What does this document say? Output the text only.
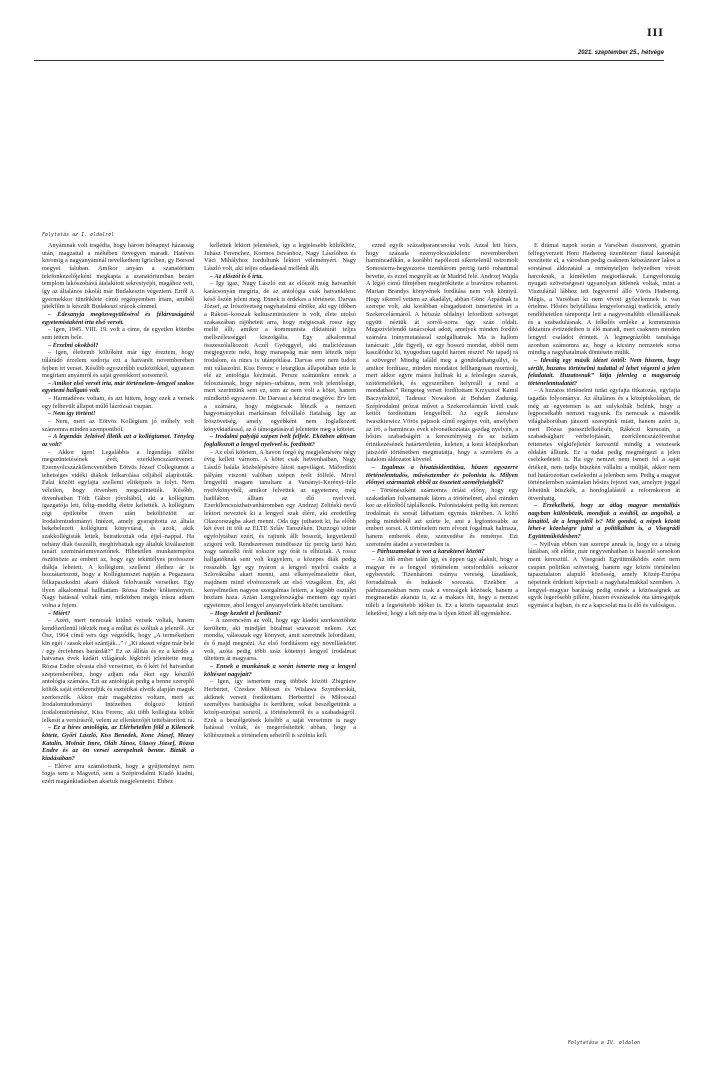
III
2021. szeptember 25., hétvége
Folytatás az I. oldalról

Anyámnak volt tragédia, hogy három hónapnyi házasság után, magzattal a méhében özvegyen maradt. Hatéves koromig a nagyanyámnál nevelkedtem Igricíben, gy Borsod megyei faluban. Amikor anyám a szanatórium telefonkezelőjeként megkapta a szanatóriumban bezárt templom lakószobává átalakított sekrestyéjét, magához vett, így az általános iskolát már Budakeszin végeztem. Erről A gyermekkor tündöklete címú regényemben írtam, amiből játékfilm is készült Budakeszi srácok címmel.

– Édesanyja megözvegyülésérol és félárvaságáról egyetemistaként írta első versét.

– Igen, 1945. VIII. 19. volt a címe, de egyetlen kötetbe sem tettem bele.

– Érzelmi okokból?

– Igen, élettemb költőként már úgy éreztem, hogy túlárádó érzelem sodorja ezt a hatvanöt novemberében fejben írt verset. Később egyszerűbb eszközökkel, ugyanezt megírtam anyámról és saját gyerekkori sorsomról.

– Amikor első versét írta, már történelem–lengyel szakos egyetemi hallgató volt.

– Harmadéves voltam, és azt hittem, hogy ezek a versek egy felhevült állapot múló lázrózsái csupán.

– Nem így történt!

– Nem, mert az Eötvös Kollégium jó műhely volt számomra minden szempontból.

– A legendás Jelzővel illetik azt a kollégiumot. Tényleg az volt?

– Akkor igen! Legalábbis a legendája túlélte megszüntetésének évét, ezerkilencszázötvenet. Ezernyolcszázkilencvenötben Eötvös József Collegiumot a tehetséges vidéki diákok felkarolása céljából alapították. Falai között egyfajta szellemi elitképzés is folyt. Nem véletlen, hogy ötvenben megszüntették. Később, ötvenhatban Tóth Gábor jóvoltából, aki a kollégium igazgatója lett, félig–meddig életre keltették. A kollégium régi épületébe ötven után beköltöztött az Irodalomtudományi Intézet, amely gyarapította az általa bekebelezett kollégiumi könyvtárat, és azok, akik szakkollégisták lettek, beiratkoztak oda éjjel–nappal. Ha nehány diák összeállt, meghívhattak egy általuk kiválasztott tanárt szemináriumvezetőnek. Hihetetlen munkatempóra ösztönözte az embert az, hogy egy tekintélyes professzor diákja lehetett. A kollégium szellemi élethez ár is hozzátartozott, hogy a Kollégiumszet napján a Pegazusra felkapaszkodni akaró diákok felolvasták verseiket. Egy ilyen alkalommal hallhattam Rózsa Endre költeményeit. Nagy hatással voltak rám, miközben mégis írásra adtam volna a fejem.

– Miért?

– Azért, mert nemcsak kitűnő versek voltak, hanem kendőzetlenül idézték meg a múltat és szóltak a jelenről. Az Ösz, 1964 című vers úgy végződik, hogy „A termékethen kin egét / sasok ekéi szántják...” / „Ki akaszt végre már bele / egy ércfehmes barázdát?” Ez az állítás és ez a kérdés a hatvanas évek kádári világának légkörét jelenítette meg. Rózsa Endre olvasta első verseimet, és ő kért fel hatvanhat szeptemberében, hogy adjam oda őket egy készülő antológia számára. Ezt az antológiát pedig a benne szereplő költők saját értékrendjük és esztétikai elveik alapján maguk szerkesztik. Akkor már magabiztos voltam, mert az Irodalomtudományi Intézetben dolgozó kitűnő irodalomtörténész, Kiss Ferenc, aki több kollégista költőt lelkesít a versírásról, velem az ellenkezőjét tettébátorított rá.

– Ez a híres antológia, az Elérhetetlen föld a Kilencek kötete, Győri László, Kiss Benedek, Konc József, Mezey Katalin, Molnár Imre, Oláh János, Utassy József, Rózsa Endre és az ön versei szerepelnek benne. Bizták a kiadásában?

– Elérve arra számítottunk, hogy a gyűjteményt nem fogja sem a Magvető, sem a Szépirodalmi Kiadó kiadni, ezért magánkiadásban akartuk megjelentetni. Ehhez

kellettek lektori jelentések, így a legjelesebb költőkhöz, Juhász Ferenchez, Kormos Istvánhoz, Nagy Lászlóhoz és Váci Mihályhoz fordultunk lektori véleményért. Nagy László volt, aki teljes odaadással mellénk állt.

– Az előszót is ő írta.

– Így igaz, Nagy László ezt az előszót még hatvanhét karácsonyán megírta, de az antológia csak hatvankilenc késő őszén jelent meg. Ennek is érdekes a története. Darvas József, az Írószövetség nagyhatalmú elnöke, aki egy időben a Rákosi–korszak kultuszminisztere is volt, élete utolsó szakaszában rájöhetett arra, hogy mégiscsak rossz úgy mellé állt, amikor a kommunista diktatúrát teljes mellszélességgel kiszolgálta. Egy alkalommal összeszólalkozott Aczél Györggyel, aki malíciózusan megjegyezte neki, hogy manapság már nem létezik népi irodalom, és nincs is utánpótlása. Darvas erre nem tudott mit válaszolni. Kiss Ferenc e letargikus állapotában tette le elé az antológia kéziratát. Persze számunkra ennek a felosztásnak, hogy népies–urbánus, nem volt jelentősége, mert szerintünk sem ez, sem az nem volt a kötet, hanem mindkettő egyszerre. De Darvast a kézirat megjőve. Érv lett a számára, hogy mégiscsak létezik a nemzeti hagyományokat markánsan felvállaló fiatalság. Így az Írószövetség, amely egyébként nem foglalkozott könyvkiadással, az ő támogatásával jelentette meg a kötetet.

– Irodalmi palyájá szépen ívelt felfelé. Eközben aktívan foglalkozott a lengyel nyelvvel is, fordított?

– Az első kötetem, A havon forgó ég megjelenésére négy évig kellett várnom. A kötet csak hetvenhatban, Nagy László halála közbelépésére látott napvilágot. Máfordítói pályám viszont valóban szépen ívelt fölfelé. Mivel lengyelül magam tanultam a Varsányi–Kerényi–féle nyelvkönyvből, amikor felvettek az egyetemre, még hadilábon álltam az élő nyelvvel. Ezerkilencszázhatvanháromban egy Andrzej Zeliński nevű lektort neveztek ki a lengyel szak élére, aki eredetileg Olaszországba akart menni. Oda úgy juthatott ki, ha előbb két évet itt tölt az ELTE Szláv Tanszékén. Duzzogó szinte egyfolytában ezért, és rajtunk állt bosszút, kegyetlenül szigorú volt. Rendszeresen mindössze tíz percig tartó házi vagy tanszéki órái sokszor egy órát is elhúztak. A rossz hallgatóknak sem volt kegyelem, a közepes diák pedig rosszabb. Így egy nyáron a lengyel nyelvű csakis a Szlovákiába akart menni, ami elkenyelmesítette őket, majdnem mind elvérezzenek az első vizsgákon. Én, aki kenyelmetlen nagyon szorgalmas lettem, a legjobb osztályt hoztam haza. Aztán Lengyelországba mentem egy nyári egyetemre, ahol lengyel anyanyelvűek között tanultam.

– Hogy kezdett el fordítani?

– A szerencsém az volt, hogy egy kiadói szerkesztőhöz kerültem, aki mindjárt bizalmat szavazott nekem. Azt mondta, válasszak egy könyvet, amit szeretnék lefordítani, és ő majd megnézi. Az első fordításom egy novelláskötet volt, azóta pedig több száz kötetnyi lengyel irodalmat ültettem át magyarra.

– Ennek a munkának a során ismerte meg a lengyel költészet nagyjait?

– Igen, így ismertem meg többek között Zbigniew Herbertet, Czesław Miłoszt és Wisława Szymborskát, akiknek verseit fordítottam. Herberttel és Miłosszal személyes barátságba is kerültem, sokat beszélgettünk a közép-európai sorsról, a történelemről és a szabadságról. Ezek a beszélgetések később a saját verseimre is nagy hatással voltak, és megerősítettek abban, hogy a költészetnek a történelem sebeiről is szólnia kell.

ezred egyik századparancsnoka volt. Azzal lett híres, hogy százada ezernyolcszázkilenc novemberében harmincadikán, a korábbi napóleoni sikertelenül ostromolt Somosierra-hegyszoros tizenhárom percig tartó rohammal bevette, és ezzel megnyílt az út Madrid felé. Andrzej Wajda A légió című filmjében megörökítette a bravúros rohamot. Marian Brandys könyvének fordítása nem volt könnyű. Hogy sikerrel vettem az akadályt, abban Gönc Árpádnak is szerepe volt, aki korábban elragadtatott ismertetést írt a Szekercelármáról. A hétszáz oldalnyi lefordított szöveget együtt néztük át sorról–sorra úgy száz oldalt. Megszívlelendő tanácsokat adott, amelyek minden fordító számára iránymutatással szolgálhatnak. Ma is hallom tanácsait: „Ide figyelj, ez egy hosszú mondat, ebből nem kaszálódsz ki, nyugodtan tagold három részre! Ne tapadj rá a szövegre! Mindig találd meg a gondolathangsúlyt, és amikor fordítasz, minden mondatot fellhangosan mormolj, mert akkor egyre másra hullnak ki a felesleges szavak, szótörmelékek, és egyszerűben helyreáll a rend a mondatban.” Rengeteg verset fordítottam Krzysztof Kamil Baczyńskitól, Tadeusz Nowakon át Bohdan Zadurág. Szépirodalmi prózai művet a Szekercelármán kívül csak kettőt fordítottam lengyelből. Az egyik Jarosław Iwaszkiewicz Vörös pajzsok című regénye volt, amelyben az író, a harmincas évek elvonatkoztatás gazdag nyelvén, a hősies szabadságért a kereszténység és az iszlám érintkezésének határterületén, keleten, a kora középkorban játszódó történetben megmutatja, hogy a szerelem és a hatalom áldozatot követel.

– Izgalmas a hivatásidentitása, hiszen egyszerre történelemtudós, művésztember és polonista is. Milyen előnyei származtak ebből az összetett személyiségből?

– Történészként számomra óriási előny, hogy egy szakadatlan folyamatnak látom a történelmet, ahol minden kor az előzőből táplálkozik. Polonistaként pedig két nemzet irodalmát és sorsát láthattam egymás tükrében. A költő pedig mindebből azt szűrte le, ami a legfontosabb: az emberi sorsot. A történelem nem elvont fogalmak halmaza, hanem emberek élete, szenvedése és reménye. Ezt szeretném átadni a verseimben is.

– Párhuzamokat is von a karakterei között?

– Az idő ember talán így, és éppen úgy alakult, hogy a magyar és a lengyel történelem sorsfordulói sokszor egybeestek. Tizenhárom csúnya vereség, lázadások, forradalmak és bukások sorozata. Ezekben a párhuzamokban nem csak a vereségek közösek, hanem a megmaradás akarata is, az a makacs hit, hogy a nemzet túléli a legsötétebb időket is. Ez a közös tapasztalat teszi lehetővé, hogy a két nép ma is ilyen közel áll egymáshoz.

E drámai napok során a Varsóban összevont, gyatrán felfegyverzett Honi Hadsereg tizenötezer fiatal katonáját veszítette el, a városban pedig csaknem kétszázezer lakos a sorstársai áldozatául a reményteljen helyzetben vívott harcoknak, a kíméletlen megtorlásnak. Lengyelország nyugati szövetségesei ugyanolyan tétlenek voltak, mint a Visztulánál lábhoz tett fegyverrel álló Vörös Hadsereg. Mégis, a Varsóban ki nem vívott győzelemnek is van értelme. Hősies helytállása lengyelországi tradíciók, amely rendíthetetlen támpontja lett a nagyvonalúbb ellenállásnak és a szabadulásnak. A felkelés emléke a kommunista diktatúra évtizedeiben is élő maradt, mert csaknem minden lengyel családot érintett. A legmegrázóbb tanulsága azonban számomra az, hogy a kicsiny nemzetek sorsa mindig a nagyhatalmak döntésein múlik.

– Ideváig egy másik idézet óntől: Nem hiszem, hogy sérült, huzatos történelmi tudattal el lehet végezni a jelen feladatait. Huzatosnak” látja jelenleg a magyarság történelemtudatát?

– A huzatos történelmi tudat egyfajta titkatozás, egyfajta tagadás folyományа. Az általános és a középiskolában, de még az egyetemen is azt sulykolták belénk, hogy a legpocsékabb nemzet vagyunk. És nemcsak a második világháborúban játszott szerepünk miatt, hanem azért is, mert Dózsa parasztfelkelésén, Rákóczi kurucain, a szabadságharc vérbefojtásán, ezerkilencszázötvenhat rettenetes végkifejletén keresztül mindig a vesztesek oldalán álltunk. Ez a tudat pedig megmérgezi a jelen cselekedeteit is. Ha egy nemzet nem ismeri fel a saját értékeit, nem tudja büszkén vállalni a múltját, akkor nem tud határozottan cselekedni a jelenben sem. Pedig a magyar történelemben számtalan hősies fejezet van, amelyre joggal lehetünk büszkék, a honfoglalástól a reformkoron át ötvenhatig.

– Érzékelhető, hogy az átlag magyar mentalitás nagyban különbözik, mondjuk a svédtől, az angoltól, a kínaitól, de a lengyeltől is? Mit gondol, a népek között lehet-e közelségre jutni a politikában is, a Visegrádi Együttműködésben?

– Nyilván ebben van szerepe annak is, hogy ez a térség láttában, sőt előtte, már negyvenhatban is hasonló sorsokon ment keresztül. A Visegrádi Együttműködés ezért nem csupán politikai szövetség, hanem egy közös történelmi tapasztalaton alapuló közösség, amely Közép-Európa népeinek érdekeit képviseli a nagyhatalmakkal szemben. A lengyel–magyar barátság pedig ennek a közösségnek az egyik legerősebb pillére, hiszen évszázadok óta támogatjuk egymást a bajban, és ez a kapcsolat ma is élő és valóságos.

Folytatása a IV. oldalon
